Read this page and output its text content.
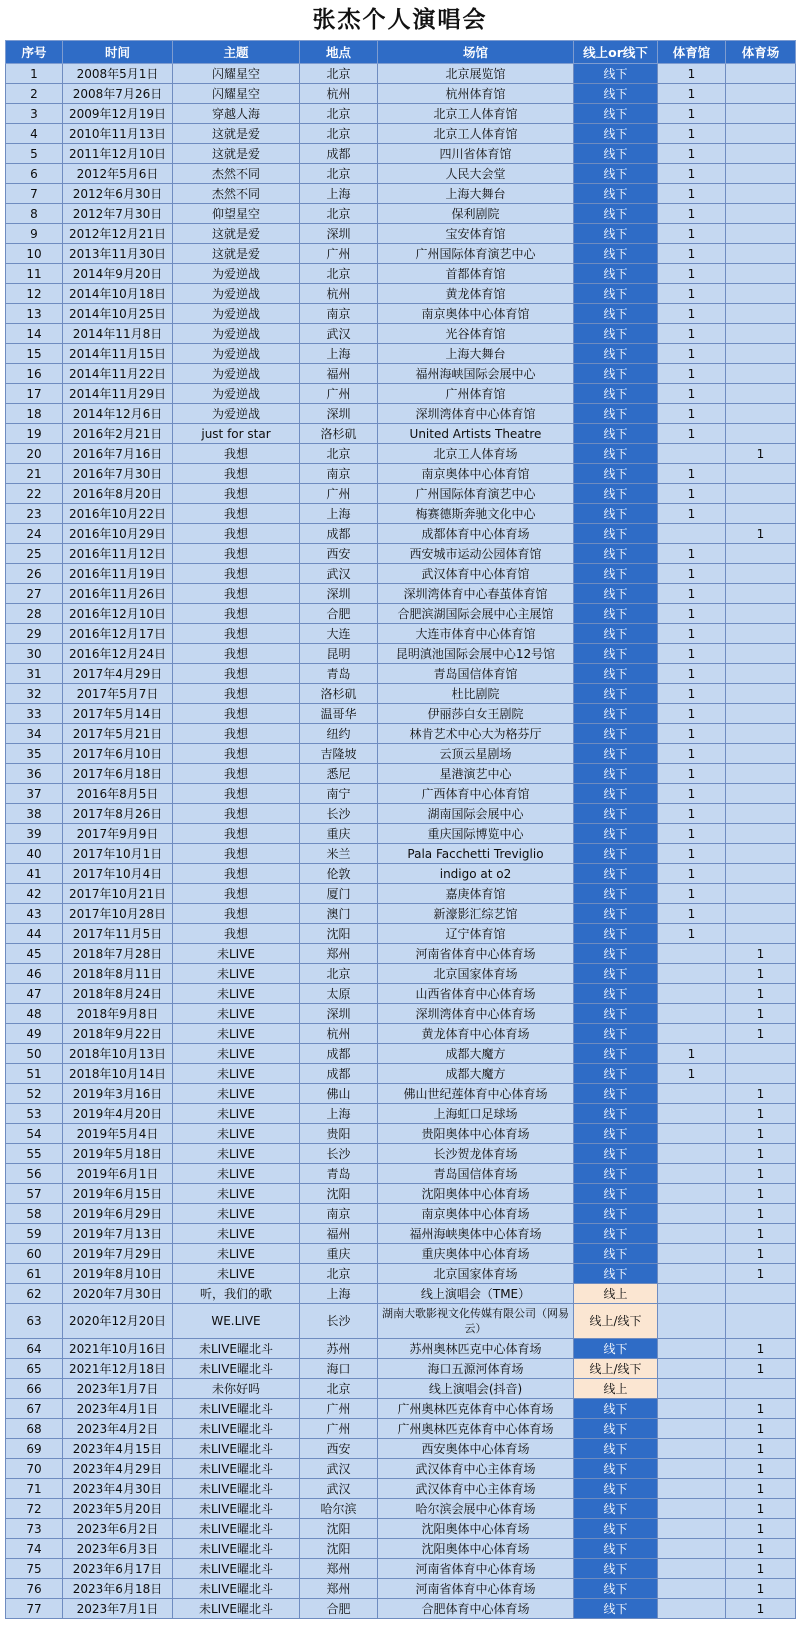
张杰个人演唱会
序号	时间	主题	地点	场馆	线上or线下	体育馆	体育场
1	2008年5月1日	闪耀星空	北京	北京展览馆	线下	1	
2	2008年7月26日	闪耀星空	杭州	杭州体育馆	线下	1	
3	2009年12月19日	穿越人海	北京	北京工人体育馆	线下	1	
4	2010年11月13日	这就是爱	北京	北京工人体育馆	线下	1	
5	2011年12月10日	这就是爱	成都	四川省体育馆	线下	1	
6	2012年5月6日	杰然不同	北京	人民大会堂	线下	1	
7	2012年6月30日	杰然不同	上海	上海大舞台	线下	1	
8	2012年7月30日	仰望星空	北京	保利剧院	线下	1	
9	2012年12月21日	这就是爱	深圳	宝安体育馆	线下	1	
10	2013年11月30日	这就是爱	广州	广州国际体育演艺中心	线下	1	
11	2014年9月20日	为爱逆战	北京	首都体育馆	线下	1	
12	2014年10月18日	为爱逆战	杭州	黄龙体育馆	线下	1	
13	2014年10月25日	为爱逆战	南京	南京奥体中心体育馆	线下	1	
14	2014年11月8日	为爱逆战	武汉	光谷体育馆	线下	1	
15	2014年11月15日	为爱逆战	上海	上海大舞台	线下	1	
16	2014年11月22日	为爱逆战	福州	福州海峡国际会展中心	线下	1	
17	2014年11月29日	为爱逆战	广州	广州体育馆	线下	1	
18	2014年12月6日	为爱逆战	深圳	深圳湾体育中心体育馆	线下	1	
19	2016年2月21日	just for star	洛杉矶	United Artists Theatre	线下	1	
20	2016年7月16日	我想	北京	北京工人体育场	线下		1
21	2016年7月30日	我想	南京	南京奥体中心体育馆	线下	1	
22	2016年8月20日	我想	广州	广州国际体育演艺中心	线下	1	
23	2016年10月22日	我想	上海	梅赛德斯奔驰文化中心	线下	1	
24	2016年10月29日	我想	成都	成都体育中心体育场	线下		1
25	2016年11月12日	我想	西安	西安城市运动公园体育馆	线下	1	
26	2016年11月19日	我想	武汉	武汉体育中心体育馆	线下	1	
27	2016年11月26日	我想	深圳	深圳湾体育中心春茧体育馆	线下	1	
28	2016年12月10日	我想	合肥	合肥滨湖国际会展中心主展馆	线下	1	
29	2016年12月17日	我想	大连	大连市体育中心体育馆	线下	1	
30	2016年12月24日	我想	昆明	昆明滇池国际会展中心12号馆	线下	1	
31	2017年4月29日	我想	青岛	青岛国信体育馆	线下	1	
32	2017年5月7日	我想	洛杉矶	杜比剧院	线下	1	
33	2017年5月14日	我想	温哥华	伊丽莎白女王剧院	线下	1	
34	2017年5月21日	我想	纽约	林肯艺术中心大为格芬厅	线下	1	
35	2017年6月10日	我想	吉隆坡	云顶云星剧场	线下	1	
36	2017年6月18日	我想	悉尼	星港演艺中心	线下	1	
37	2016年8月5日	我想	南宁	广西体育中心体育馆	线下	1	
38	2017年8月26日	我想	长沙	湖南国际会展中心	线下	1	
39	2017年9月9日	我想	重庆	重庆国际博览中心	线下	1	
40	2017年10月1日	我想	米兰	Pala Facchetti Treviglio	线下	1	
41	2017年10月4日	我想	伦敦	indigo at o2	线下	1	
42	2017年10月21日	我想	厦门	嘉庚体育馆	线下	1	
43	2017年10月28日	我想	澳门	新濠影汇综艺馆	线下	1	
44	2017年11月5日	我想	沈阳	辽宁体育馆	线下	1	
45	2018年7月28日	未LIVE	郑州	河南省体育中心体育场	线下		1
46	2018年8月11日	未LIVE	北京	北京国家体育场	线下		1
47	2018年8月24日	未LIVE	太原	山西省体育中心体育场	线下		1
48	2018年9月8日	未LIVE	深圳	深圳湾体育中心体育场	线下		1
49	2018年9月22日	未LIVE	杭州	黄龙体育中心体育场	线下		1
50	2018年10月13日	未LIVE	成都	成都大魔方	线下	1	
51	2018年10月14日	未LIVE	成都	成都大魔方	线下	1	
52	2019年3月16日	未LIVE	佛山	佛山世纪莲体育中心体育场	线下		1
53	2019年4月20日	未LIVE	上海	上海虹口足球场	线下		1
54	2019年5月4日	未LIVE	贵阳	贵阳奥体中心体育场	线下		1
55	2019年5月18日	未LIVE	长沙	长沙贺龙体育场	线下		1
56	2019年6月1日	未LIVE	青岛	青岛国信体育场	线下		1
57	2019年6月15日	未LIVE	沈阳	沈阳奥体中心体育场	线下		1
58	2019年6月29日	未LIVE	南京	南京奥体中心体育场	线下		1
59	2019年7月13日	未LIVE	福州	福州海峡奥体中心体育场	线下		1
60	2019年7月29日	未LIVE	重庆	重庆奥体中心体育场	线下		1
61	2019年8月10日	未LIVE	北京	北京国家体育场	线下		1
62	2020年7月30日	听，我们的歌	上海	线上演唱会（TME）	线上		
63	2020年12月20日	WE.LIVE	长沙	湖南大歌影视文化传媒有限公司（网易云）	线上/线下		
64	2021年10月16日	未LIVE曜北斗	苏州	苏州奥林匹克中心体育场	线下		1
65	2021年12月18日	未LIVE曜北斗	海口	海口五源河体育场	线上/线下		1
66	2023年1月7日	未你好吗	北京	线上演唱会(抖音)	线上		
67	2023年4月1日	未LIVE曜北斗	广州	广州奥林匹克体育中心体育场	线下		1
68	2023年4月2日	未LIVE曜北斗	广州	广州奥林匹克体育中心体育场	线下		1
69	2023年4月15日	未LIVE曜北斗	西安	西安奥体中心体育场	线下		1
70	2023年4月29日	未LIVE曜北斗	武汉	武汉体育中心主体育场	线下		1
71	2023年4月30日	未LIVE曜北斗	武汉	武汉体育中心主体育场	线下		1
72	2023年5月20日	未LIVE曜北斗	哈尔滨	哈尔滨会展中心体育场	线下		1
73	2023年6月2日	未LIVE曜北斗	沈阳	沈阳奥体中心体育场	线下		1
74	2023年6月3日	未LIVE曜北斗	沈阳	沈阳奥体中心体育场	线下		1
75	2023年6月17日	未LIVE曜北斗	郑州	河南省体育中心体育场	线下		1
76	2023年6月18日	未LIVE曜北斗	郑州	河南省体育中心体育场	线下		1
77	2023年7月1日	未LIVE曜北斗	合肥	合肥体育中心体育场	线下		1
